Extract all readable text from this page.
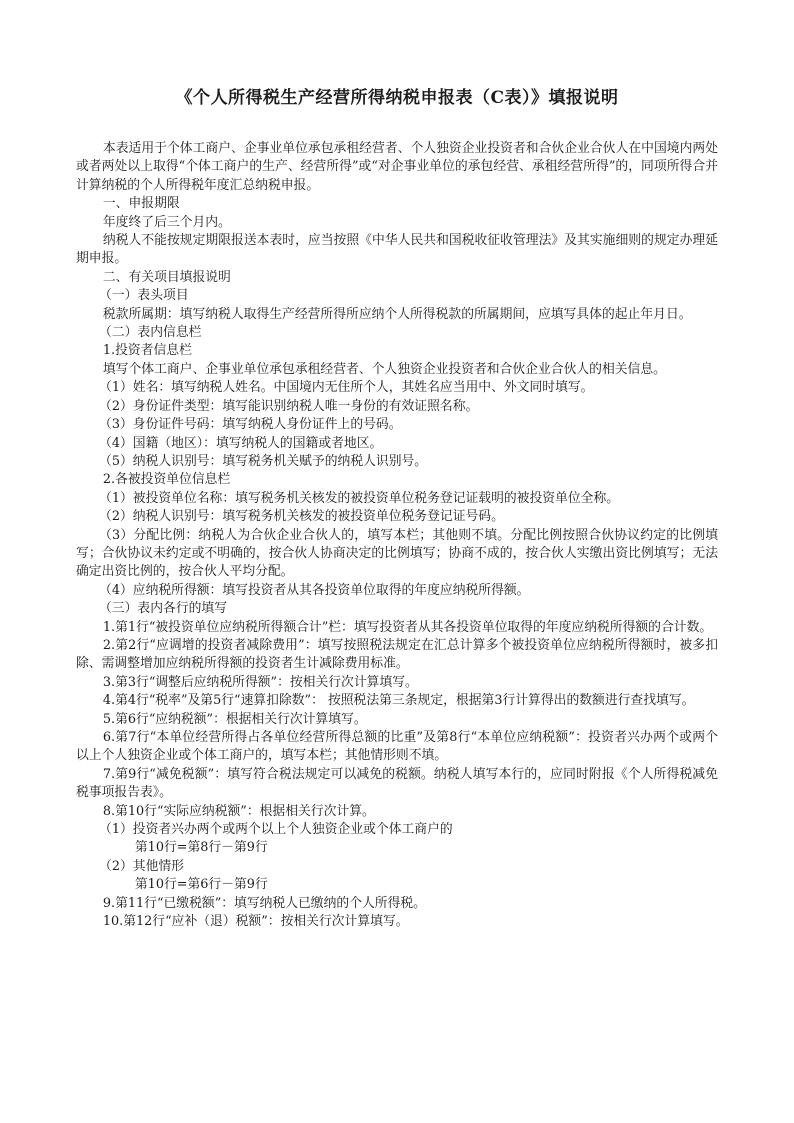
《个人所得税生产经营所得纳税申报表（C表）》填报说明

本表适用于个体工商户、企事业单位承包承租经营者、个人独资企业投资者和合伙企业合伙人在中国境内两处或者两处以上取得“个体工商户的生产、经营所得”或“对企事业单位的承包经营、承租经营所得”的，同项所得合并计算纳税的个人所得税年度汇总纳税申报。

一、申报期限

年度终了后三个月内。

纳税人不能按规定期限报送本表时，应当按照《中华人民共和国税收征收管理法》及其实施细则的规定办理延期申报。

二、有关项目填报说明

（一）表头项目

税款所属期：填写纳税人取得生产经营所得所应纳个人所得税款的所属期间，应填写具体的起止年月日。

（二）表内信息栏

1.投资者信息栏

填写个体工商户、企事业单位承包承租经营者、个人独资企业投资者和合伙企业合伙人的相关信息。

（1）姓名：填写纳税人姓名。中国境内无住所个人，其姓名应当用中、外文同时填写。

（2）身份证件类型：填写能识别纳税人唯一身份的有效证照名称。

（3）身份证件号码：填写纳税人身份证件上的号码。

（4）国籍（地区）：填写纳税人的国籍或者地区。

（5）纳税人识别号：填写税务机关赋予的纳税人识别号。

2.各被投资单位信息栏

（1）被投资单位名称：填写税务机关核发的被投资单位税务登记证载明的被投资单位全称。

（2）纳税人识别号：填写税务机关核发的被投资单位税务登记证号码。

（3）分配比例：纳税人为合伙企业合伙人的，填写本栏；其他则不填。分配比例按照合伙协议约定的比例填写；合伙协议未约定或不明确的，按合伙人协商决定的比例填写；协商不成的，按合伙人实缴出资比例填写；无法确定出资比例的，按合伙人平均分配。

（4）应纳税所得额：填写投资者从其各投资单位取得的年度应纳税所得额。

（三）表内各行的填写

1.第1行“被投资单位应纳税所得额合计”栏：填写投资者从其各投资单位取得的年度应纳税所得额的合计数。

2.第2行“应调增的投资者减除费用”：填写按照税法规定在汇总计算多个被投资单位应纳税所得额时，被多扣除、需调整增加应纳税所得额的投资者生计减除费用标准。

3.第3行“调整后应纳税所得额”：按相关行次计算填写。

4.第4行“税率”及第5行“速算扣除数”： 按照税法第三条规定，根据第3行计算得出的数额进行查找填写。

5.第6行“应纳税额”：根据相关行次计算填写。

6.第7行“本单位经营所得占各单位经营所得总额的比重”及第8行“本单位应纳税额”：投资者兴办两个或两个以上个人独资企业或个体工商户的，填写本栏；其他情形则不填。

7.第9行“减免税额”：填写符合税法规定可以减免的税额。纳税人填写本行的，应同时附报《个人所得税减免税事项报告表》。

8.第10行“实际应纳税额”：根据相关行次计算。

（1）投资者兴办两个或两个以上个人独资企业或个体工商户的

第10行=第8行－第9行

（2）其他情形

第10行=第6行－第9行

9.第11行“已缴税额”：填写纳税人已缴纳的个人所得税。

10.第12行“应补（退）税额”：按相关行次计算填写。
